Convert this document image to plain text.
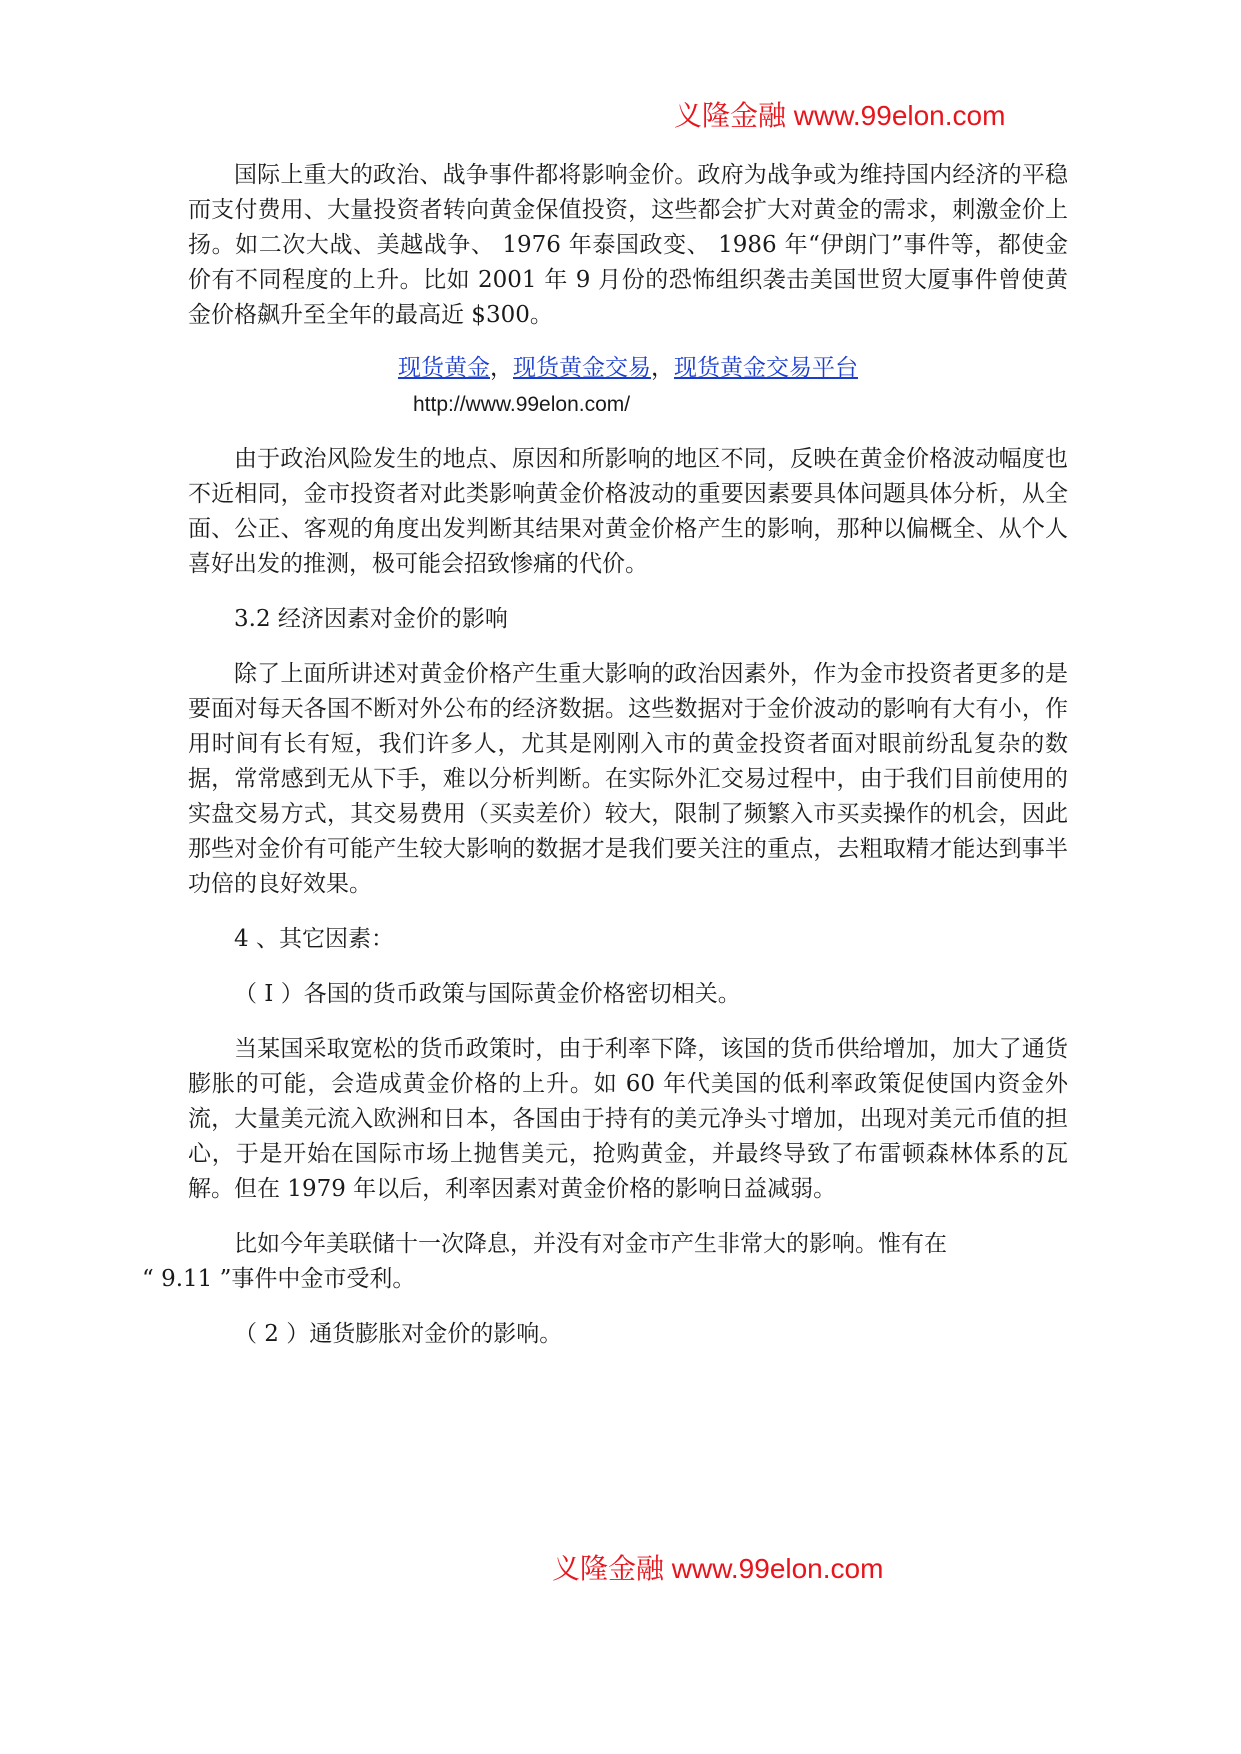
义隆金融 www.99elon.com

国际上重大的政治、战争事件都将影响金价。政府为战争或为维持国内经济的平稳而支付费用、大量投资者转向黄金保值投资，这些都会扩大对黄金的需求，刺激金价上扬。如二次大战、美越战争、 1976 年泰国政变、 1986 年“伊朗门”事件等，都使金价有不同程度的上升。比如 2001 年 9 月份的恐怖组织袭击美国世贸大厦事件曾使黄金价格飙升至全年的最高近 $300。

现货黄金，现货黄金交易，现货黄金交易平台
http://www.99elon.com/

由于政治风险发生的地点、原因和所影响的地区不同，反映在黄金价格波动幅度也不近相同，金市投资者对此类影响黄金价格波动的重要因素要具体问题具体分析，从全面、公正、客观的角度出发判断其结果对黄金价格产生的影响，那种以偏概全、从个人喜好出发的推测，极可能会招致惨痛的代价。

3.2 经济因素对金价的影响

除了上面所讲述对黄金价格产生重大影响的政治因素外，作为金市投资者更多的是要面对每天各国不断对外公布的经济数据。这些数据对于金价波动的影响有大有小，作用时间有长有短，我们许多人，尤其是刚刚入市的黄金投资者面对眼前纷乱复杂的数据，常常感到无从下手，难以分析判断。在实际外汇交易过程中，由于我们目前使用的实盘交易方式，其交易费用（买卖差价）较大，限制了频繁入市买卖操作的机会，因此那些对金价有可能产生较大影响的数据才是我们要关注的重点，去粗取精才能达到事半功倍的良好效果。

4 、其它因素：

（ I ）各国的货币政策与国际黄金价格密切相关。

当某国采取宽松的货币政策时，由于利率下降，该国的货币供给增加，加大了通货膨胀的可能，会造成黄金价格的上升。如 60 年代美国的低利率政策促使国内资金外流，大量美元流入欧洲和日本，各国由于持有的美元净头寸增加，出现对美元币值的担心，于是开始在国际市场上抛售美元，抢购黄金，并最终导致了布雷顿森林体系的瓦解。但在 1979 年以后，利率因素对黄金价格的影响日益减弱。

比如今年美联储十一次降息，并没有对金市产生非常大的影响。惟有在
“ 9.11 ”事件中金市受利。

（ 2 ）通货膨胀对金价的影响。

义隆金融 www.99elon.com
